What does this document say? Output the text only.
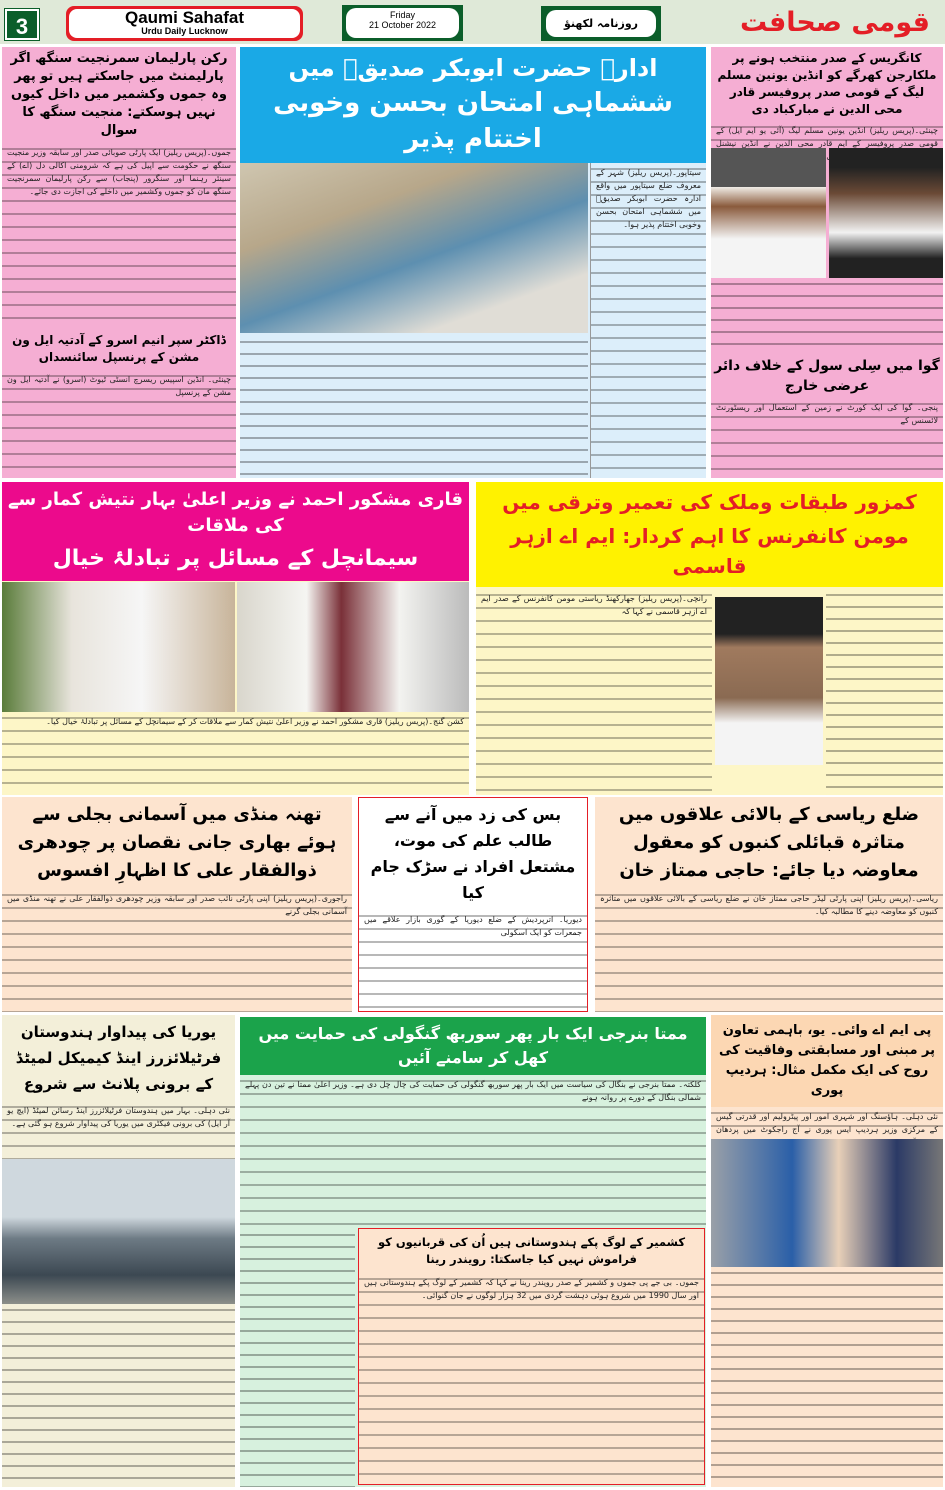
3	Qaumi Sahafat
Urdu Daily Lucknow
Friday
21 October 2022	روزنامہ لکھنؤ	قومی صحافت
رکن پارلیمان سمرنجیت سنگھ اگر پارلیمنٹ میں جاسکتے ہیں تو پھر وہ جموں وکشمیر میں داخل کیوں نہیں ہوسکتے: منجیت سنگھ کا سوال
جموں۔(پریس ریلیز) ایک پارٹی صوبائی صدر اور سابقہ وزیر منجیت سنگھ نے حکومت سے اپیل کی ہے کہ شرومنی اکالی دل (اے) کے سینئر رہنما اور سنگرور (پنجاب) سے رکن پارلیمان سمرنجیت سنگھ مان کو جموں وکشمیر میں داخلے کی اجازت دی جائے۔
ڈاکٹر سپر انیم اسرو کے آدتیہ ایل ون مشن کے پرنسپل سائنسداں
چینئی۔ انڈین اسپیس ریسرچ انسٹی ٹیوٹ (اسرو) نے آدتیہ ایل ون مشن کے پرنسپل
ادارہ حضرت ابوبکر صدیقؓ میں
ششماہی امتحان بحسن وخوبی اختتام پذیر
سیتاپور۔(پریس ریلیز) شہر کے معروف ضلع سیتاپور میں واقع ادارہ حضرت ابوبکر صدیقؓ میں ششماہی امتحان بحسن وخوبی اختتام پذیر ہوا۔
کانگریس کے صدر منتخب ہونے پر ملکارجن کھرگے کو انڈین یونین مسلم لیگ کے قومی صدر پروفیسر قادر محی الدین نے مبارکباد دی
چینئی۔(پریس ریلیز) انڈین یونین مسلم لیگ (آئی یو ایم ایل) کے قومی صدر پروفیسر کے ایم قادر محی الدین نے انڈین نیشنل
گوا میں سِلی سول کے خلاف دائر عرضی خارج
پنجی۔ گوا کی ایک کورٹ نے زمین کے استعمال اور ریسٹورنٹ لائسنس کے
قاری مشکور احمد نے وزیر اعلیٰ بہار نتیش کمار سے کی ملاقات
سیمانچل کے مسائل پر تبادلۂ خیال
کشن گنج۔(پریس ریلیز) قاری مشکور احمد نے وزیر اعلیٰ نتیش کمار سے ملاقات کر کے سیمانچل کے مسائل پر تبادلۂ خیال کیا۔
کمزور طبقات وملک کی تعمیر وترقی میں
مومن کانفرنس کا اہم کردار: ایم اے ازہر قاسمی
رانچی۔(پریس ریلیز) جھارکھنڈ ریاستی مومن کانفرنس کے صدر ایم اے ازہر قاسمی نے کہا کہ
تھنہ منڈی میں آسمانی بجلی سے ہوئے بھاری جانی نقصان پر چودھری ذوالفقار علی کا اظہارِ افسوس
راجوری۔(پریس ریلیز) اپنی پارٹی نائب صدر اور سابقہ وزیر چودھری ذوالفقار علی نے تھنہ منڈی میں آسمانی بجلی گرنے
بس کی زد میں آنے سے طالب علم کی موت، مشتعل افراد نے سڑک جام کیا
دیوریا۔ اترپردیش کے ضلع دیوریا کے گوری بازار علاقے میں جمعرات کو ایک اسکولی
ضلع ریاسی کے بالائی علاقوں میں متاثرہ قبائلی کنبوں کو معقول معاوضہ دیا جائے: حاجی ممتاز خان
ریاسی۔(پریس ریلیز) اپنی پارٹی لیڈر حاجی ممتاز خان نے ضلع ریاسی کے بالائی علاقوں میں متاثرہ کنبوں کو معاوضہ دینے کا مطالبہ کیا۔
یوریا کی پیداوار ہندوستان فرٹیلائزرز اینڈ کیمیکل لمیٹڈ کے برونی پلانٹ سے شروع
نئی دہلی۔ بہار میں ہندوستان فرٹیلائزرز اینڈ رسائن لمیٹڈ (ایچ یو آر ایل) کی برونی فیکٹری میں یوریا کی پیداوار شروع ہو گئی ہے۔
ممتا بنرجی ایک بار پھر سوربھ گنگولی کی حمایت میں کھل کر سامنے آئیں
کلکتہ۔ ممتا بنرجی نے بنگال کی سیاست میں ایک بار پھر سوربھ گنگولی کی حمایت کی چال چل دی ہے۔ وزیر اعلیٰ ممتا نے تین دن پہلے شمالی بنگال کے دورے پر روانہ ہونے
کشمیر کے لوگ پکے ہندوستانی ہیں اُن کی قربانیوں کو فراموش نہیں کیا جاسکتا: رویندر رینا
جموں۔ بی جے پی جموں و کشمیر کے صدر رویندر رینا نے کہا کہ کشمیر کے لوگ پکے ہندوستانی ہیں اور سال 1990 میں شروع ہوئی دہشت گردی میں 32 ہزار لوگوں نے جان گنوائی۔
پی ایم اے وائی۔ یو، باہمی تعاون پر مبنی اور مسابقتی وفاقیت کی روح کی ایک مکمل مثال: ہردیپ پوری
نئی دہلی۔ ہاؤسنگ اور شہری امور اور پیٹرولیم اور قدرتی گیس کے مرکزی وزیر ہردیپ ایس پوری نے آج راجکوٹ میں پردھان
